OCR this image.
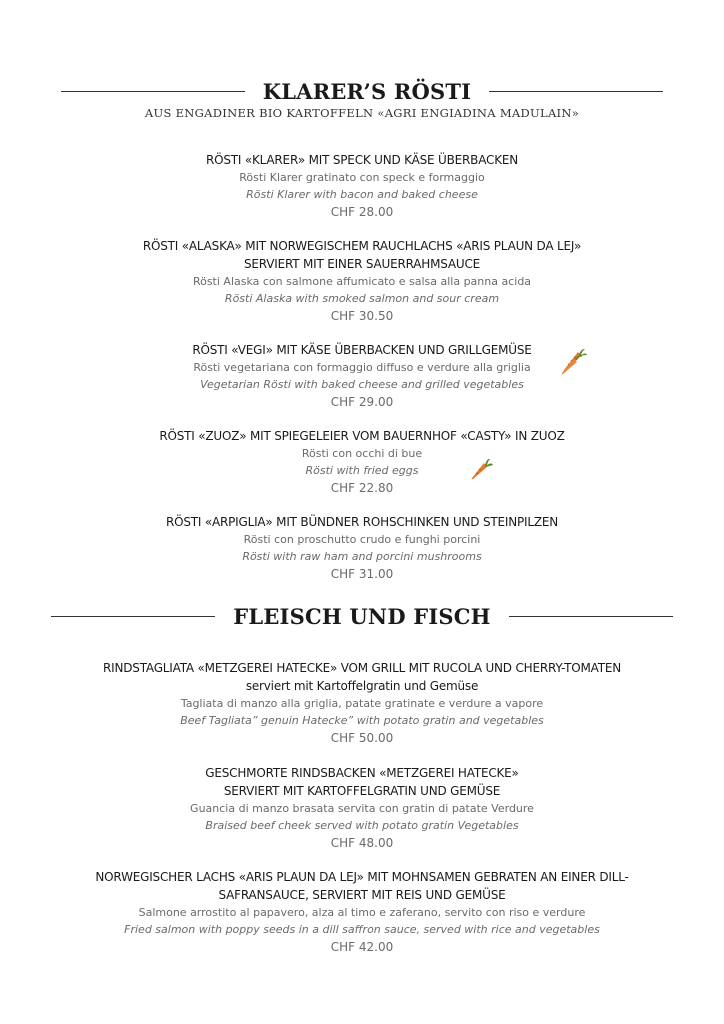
KLARER’S RÖSTI
AUS ENGADINER BIO KARTOFFELN «AGRI ENGIADINA MADULAIN»
RÖSTI «KLARER» MIT SPECK UND KÄSE ÜBERBACKEN
Rösti Klarer gratinato con speck e formaggio
Rösti Klarer with bacon and baked cheese
CHF 28.00
RÖSTI «ALASKA» MIT NORWEGISCHEM RAUCHLACHS «ARIS PLAUN DA LEJ»
SERVIERT MIT EINER SAUERRAHMSAUCE
Rösti Alaska con salmone affumicato e salsa alla panna acida
Rösti Alaska with smoked salmon and sour cream
CHF 30.50
RÖSTI «VEGI» MIT KÄSE ÜBERBACKEN UND GRILLGEMÜSE
Rösti vegetariana con formaggio diffuso e verdure alla griglia
Vegetarian Rösti with baked cheese and grilled vegetables
CHF 29.00
RÖSTI «ZUOZ» MIT SPIEGELEIER VOM BAUERNHOF «CASTY» IN ZUOZ
Rösti con occhi di bue
Rösti with fried eggs
CHF 22.80
RÖSTI «ARPIGLIA» MIT BÜNDNER ROHSCHINKEN UND STEINPILZEN
Rösti con proschutto crudo e funghi porcini
Rösti with raw ham and porcini mushrooms
CHF 31.00
FLEISCH UND FISCH
RINDSTAGLIATA «METZGEREI HATECKE» VOM GRILL MIT RUCOLA UND CHERRY-TOMATEN
serviert mit Kartoffelgratin und Gemüse
Tagliata di manzo alla griglia, patate gratinate e verdure a vapore
Beef Tagliata” genuin Hatecke” with potato gratin and vegetables
CHF 50.00
GESCHMORTE RINDSBACKEN «METZGEREI HATECKE»
SERVIERT MIT KARTOFFELGRATIN UND GEMÜSE
Guancia di manzo brasata servita con gratin di patate Verdure
Braised beef cheek served with potato gratin Vegetables
CHF 48.00
NORWEGISCHER LACHS «ARIS PLAUN DA LEJ» MIT MOHNSAMEN GEBRATEN AN EINER DILL-
SAFRANSAUCE, SERVIERT MIT REIS UND GEMÜSE
Salmone arrostito al papavero, alza al timo e zaferano, servito con riso e verdure
Fried salmon with poppy seeds in a dill saffron sauce, served with rice and vegetables
CHF 42.00
